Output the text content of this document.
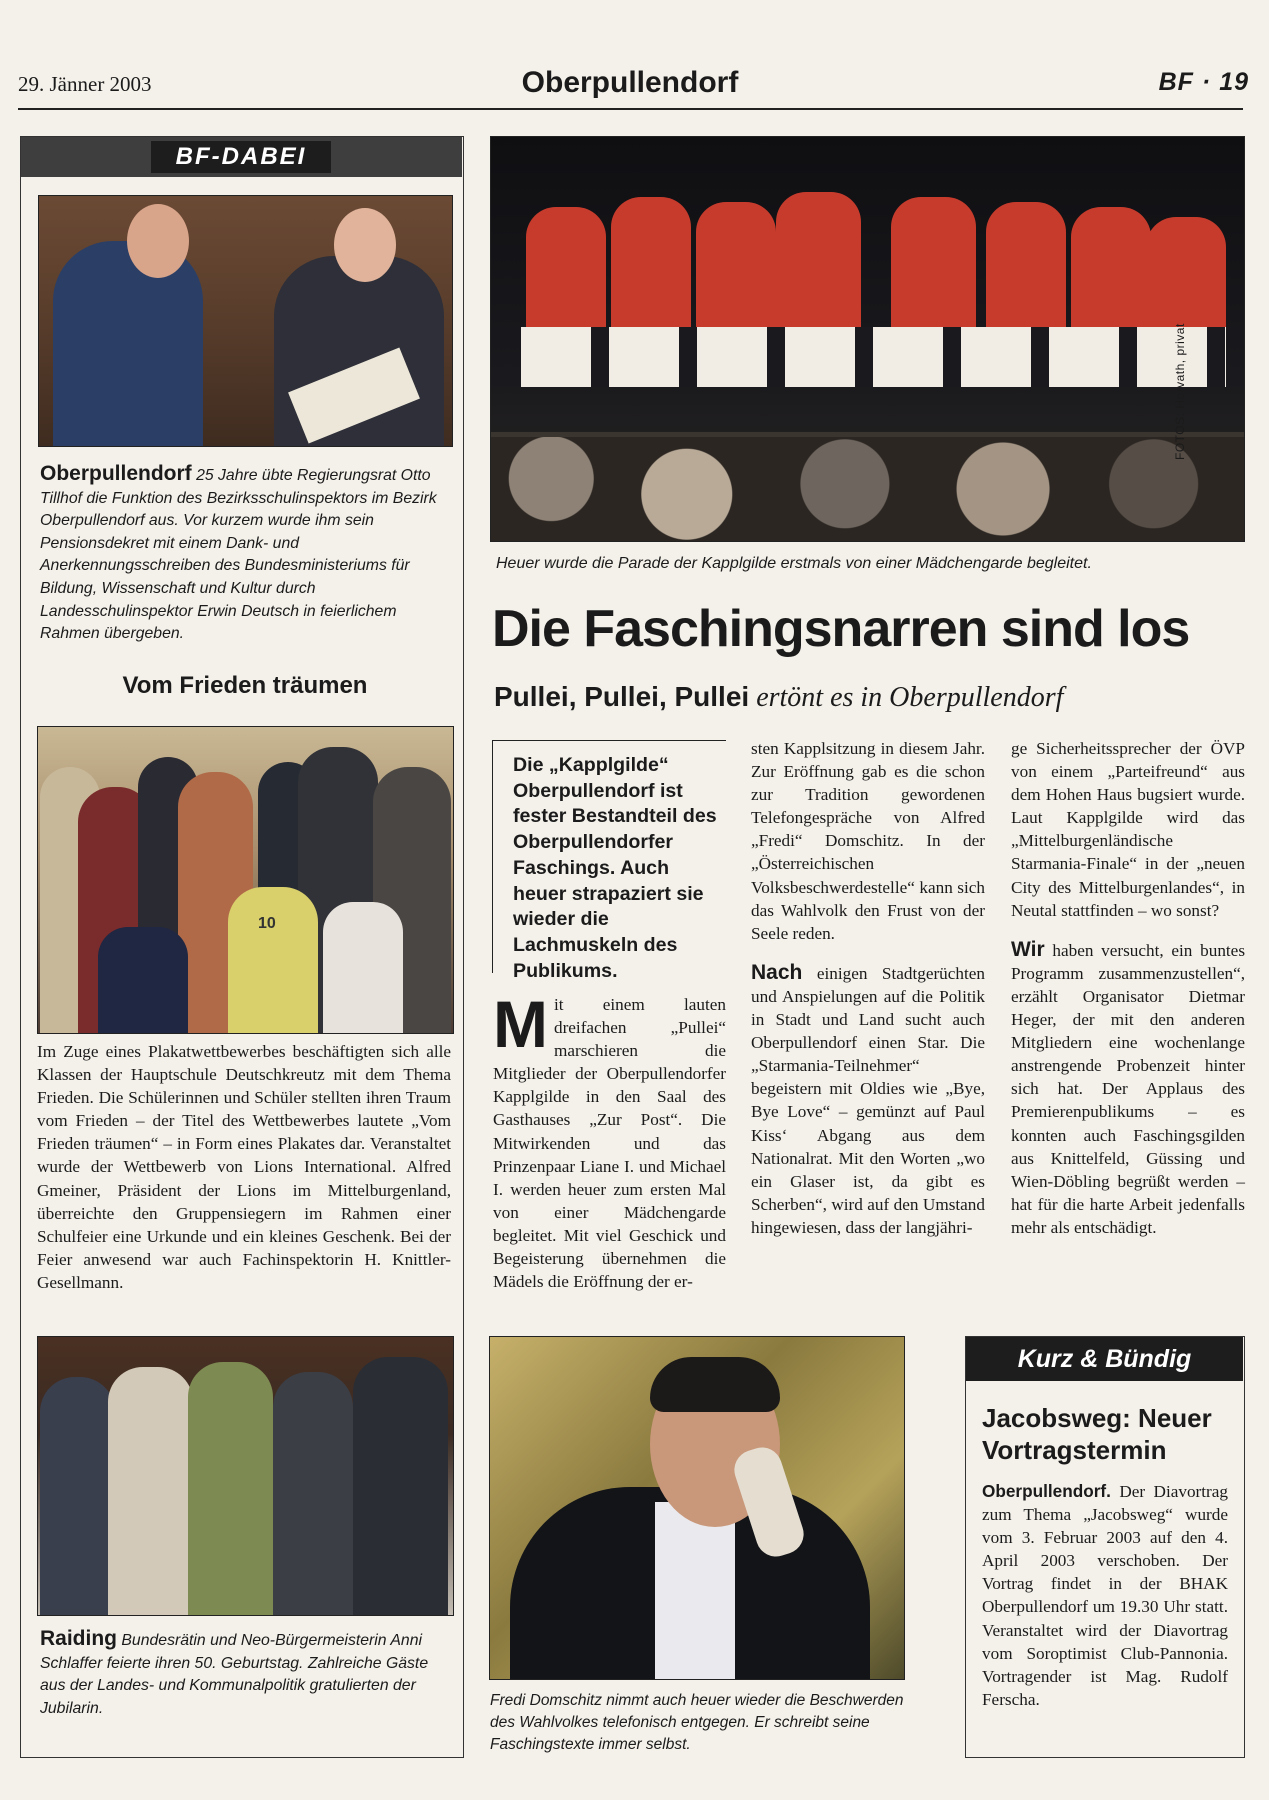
29. Jänner 2003	Oberpullendorf	BF · 19
BF-DABEI
Oberpullendorf 25 Jahre übte Regierungsrat Otto Tillhof die Funktion des Bezirksschulinspektors im Bezirk Oberpullendorf aus. Vor kurzem wurde ihm sein Pensionsdekret mit einem Dank- und Anerkennungsschreiben des Bundesministeriums für Bildung, Wissenschaft und Kultur durch Landesschulinspektor Erwin Deutsch in feierlichem Rahmen übergeben.
Vom Frieden träumen
10
Im Zuge eines Plakatwettbewerbes beschäftigten sich alle Klassen der Hauptschule Deutschkreutz mit dem Thema Frieden. Die Schülerinnen und Schüler stellten ihren Traum vom Frieden – der Titel des Wettbewerbes lautete „Vom Frieden träumen“ – in Form eines Plakates dar. Veranstaltet wurde der Wettbewerb von Lions International. Alfred Gmeiner, Präsident der Lions im Mittelburgenland, überreichte den Gruppensiegern im Rahmen einer Schulfeier eine Urkunde und ein kleines Geschenk. Bei der Feier anwesend war auch Fachinspektorin H. Knittler-Gesellmann.
Raiding Bundesrätin und Neo-Bürgermeisterin Anni Schlaffer feierte ihren 50. Geburtstag. Zahlreiche Gäste aus der Landes- und Kommunalpolitik gratulierten der Jubilarin.
FOTOS: Horvath, privat
Heuer wurde die Parade der Kapplgilde erstmals von einer Mädchengarde begleitet.
Die Faschingsnarren sind los
Pullei, Pullei, Pullei ertönt es in Oberpullendorf
Die „Kapplgilde“ Oberpullendorf ist fester Bestandteil des Oberpullendorfer Faschings. Auch heuer strapaziert sie wieder die Lachmuskeln des Publikums.
M it einem lauten dreifachen „Pullei“ marschieren die Mitglieder der Oberpullendorfer Kapplgilde in den Saal des Gasthauses „Zur Post“. Die Mitwirkenden und das Prinzenpaar Liane I. und Michael I. werden heuer zum ersten Mal von einer Mädchengarde begleitet. Mit viel Geschick und Begeisterung übernehmen die Mädels die Eröffnung der er-

sten Kapplsitzung in diesem Jahr. Zur Eröffnung gab es die schon zur Tradition gewordenen Telefongespräche von Alfred „Fredi“ Domschitz. In der „Österreichischen Volksbeschwerdestelle“ kann sich das Wahlvolk den Frust von der Seele reden.

Nach einigen Stadtgerüchten und Anspielungen auf die Politik in Stadt und Land sucht auch Oberpullendorf einen Star. Die „Starmania-Teilnehmer“ begeistern mit Oldies wie „Bye, Bye Love“ – gemünzt auf Paul Kiss‘ Abgang aus dem Nationalrat. Mit den Worten „wo ein Glaser ist, da gibt es Scherben“, wird auf den Umstand hingewiesen, dass der langjähri-

ge Sicherheitssprecher der ÖVP von einem „Parteifreund“ aus dem Hohen Haus bugsiert wurde. Laut Kapplgilde wird das „Mittelburgenländische Starmania-Finale“ in der „neuen City des Mittelburgenlandes“, in Neutal stattfinden – wo sonst?

Wir haben versucht, ein buntes Programm zusammenzustellen“, erzählt Organisator Dietmar Heger, der mit den anderen Mitgliedern eine wochenlange anstrengende Probenzeit hinter sich hat. Der Applaus des Premierenpublikums – es konnten auch Faschingsgilden aus Knittelfeld, Güssing und Wien-Döbling begrüßt werden – hat für die harte Arbeit jedenfalls mehr als entschädigt.

Fredi Domschitz nimmt auch heuer wieder die Beschwerden des Wahlvolkes telefonisch entgegen. Er schreibt seine Faschingstexte immer selbst.
Kurz & Bündig
Jacobsweg: Neuer Vortragstermin
Oberpullendorf. Der Diavortrag zum Thema „Jacobsweg“ wurde vom 3. Februar 2003 auf den 4. April 2003 verschoben. Der Vortrag findet in der BHAK Oberpullendorf um 19.30 Uhr statt. Veranstaltet wird der Diavortrag vom Soroptimist Club-Pannonia. Vortragender ist Mag. Rudolf Ferscha.
